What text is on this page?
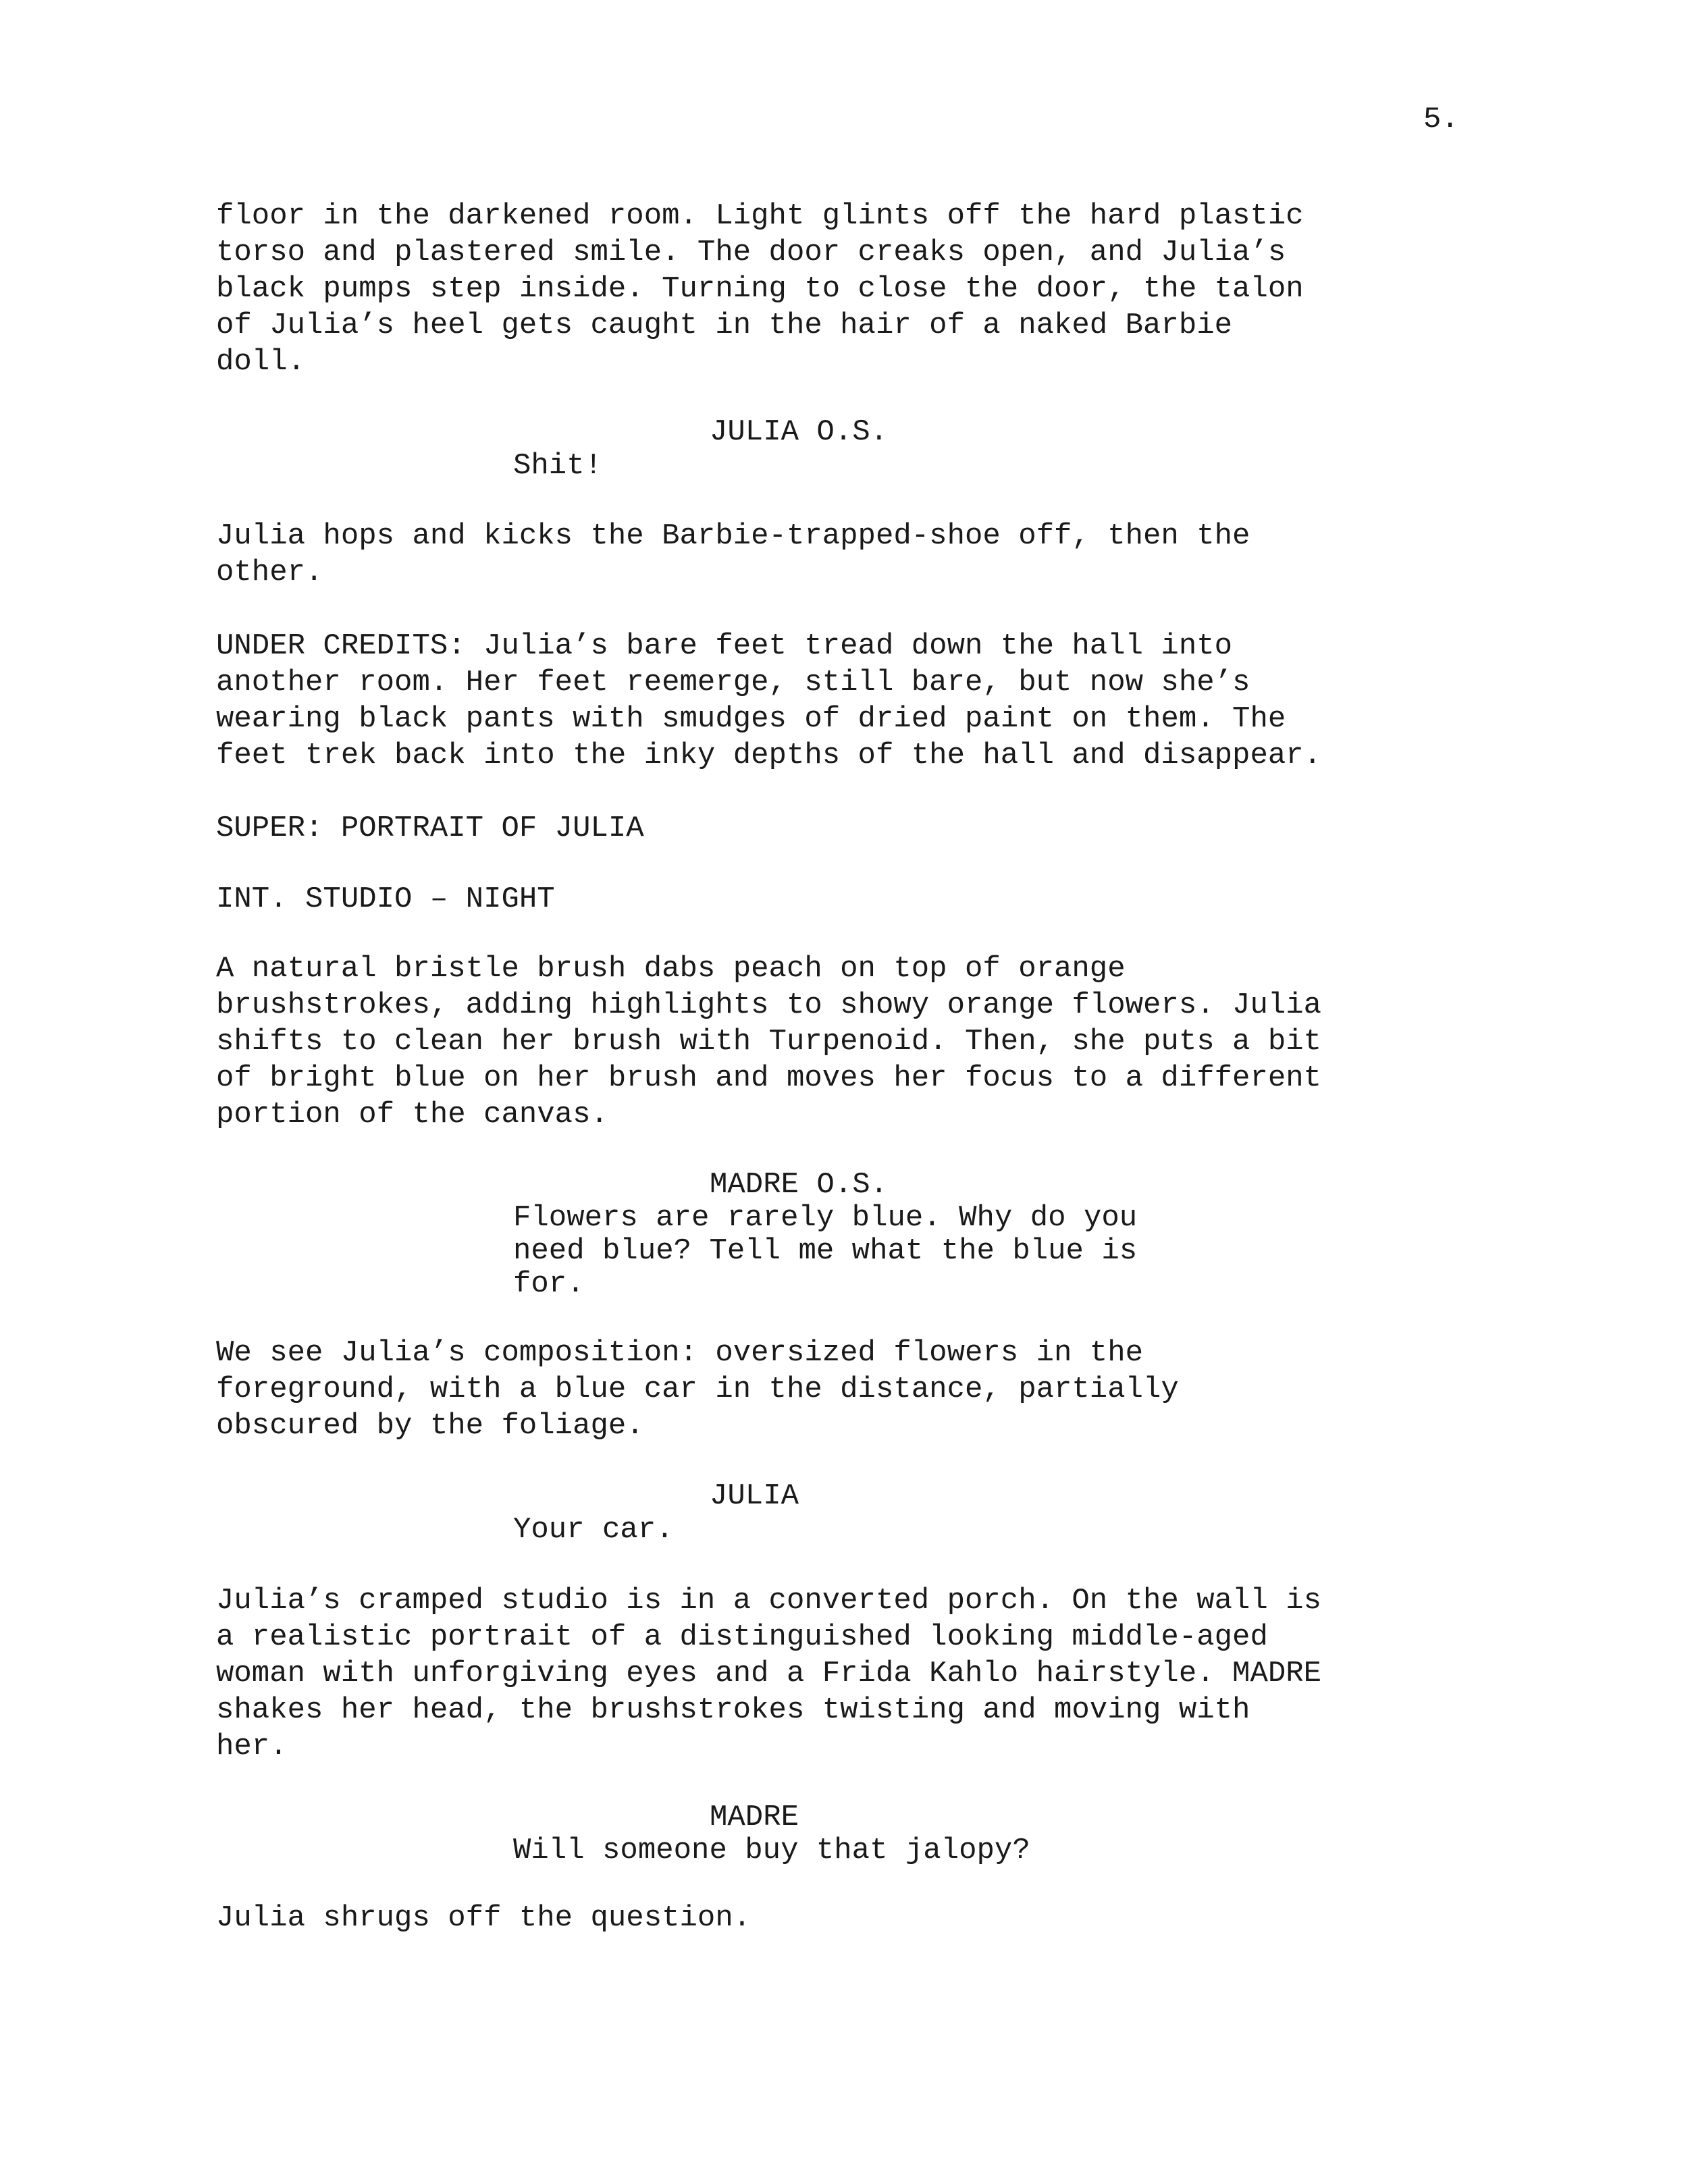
5.

floor in the darkened room. Light glints off the hard plastic

torso and plastered smile. The door creaks open, and Julia’s

black pumps step inside. Turning to close the door, the talon

of Julia’s heel gets caught in the hair of a naked Barbie

doll.

JULIA O.S.

Shit!

Julia hops and kicks the Barbie-trapped-shoe off, then the

other.

UNDER CREDITS: Julia’s bare feet tread down the hall into

another room. Her feet reemerge, still bare, but now she’s

wearing black pants with smudges of dried paint on them. The

feet trek back into the inky depths of the hall and disappear.

SUPER: PORTRAIT OF JULIA

INT. STUDIO – NIGHT

A natural bristle brush dabs peach on top of orange

brushstrokes, adding highlights to showy orange flowers. Julia

shifts to clean her brush with Turpenoid. Then, she puts a bit

of bright blue on her brush and moves her focus to a different

portion of the canvas.

MADRE O.S.

Flowers are rarely blue. Why do you

need blue? Tell me what the blue is

for.

We see Julia’s composition: oversized flowers in the

foreground, with a blue car in the distance, partially

obscured by the foliage.

JULIA

Your car.

Julia’s cramped studio is in a converted porch. On the wall is

a realistic portrait of a distinguished looking middle-aged

woman with unforgiving eyes and a Frida Kahlo hairstyle. MADRE

shakes her head, the brushstrokes twisting and moving with

her.

MADRE

Will someone buy that jalopy?

Julia shrugs off the question.
